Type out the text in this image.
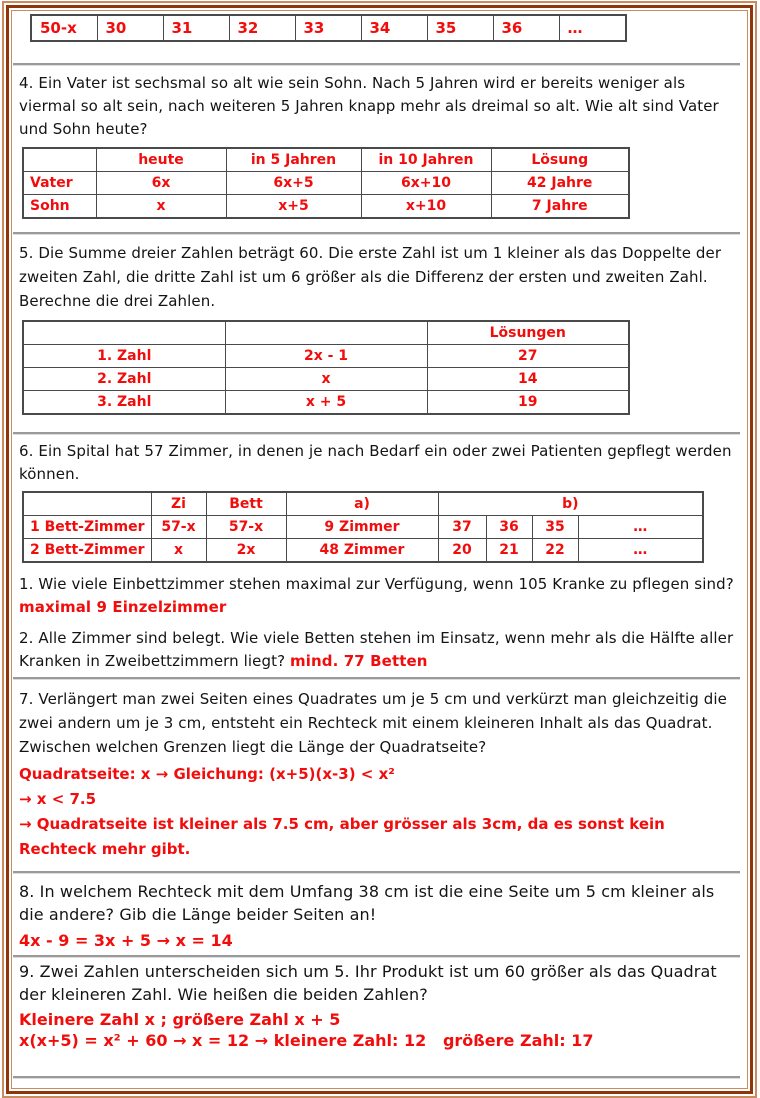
50-x	30	31	32	33	34	35	36	…

4. Ein Vater ist sechsmal so alt wie sein Sohn. Nach 5 Jahren wird er bereits weniger als viermal so alt sein, nach weiteren 5 Jahren knapp mehr als dreimal so alt. Wie alt sind Vater und Sohn heute?

	heute	in 5 Jahren	in 10 Jahren	Lösung
Vater	6x	6x+5	6x+10	42 Jahre
Sohn	x	x+5	x+10	7 Jahre

5. Die Summe dreier Zahlen beträgt 60. Die erste Zahl ist um 1 kleiner als das Doppelte der zweiten Zahl, die dritte Zahl ist um 6 größer als die Differenz der ersten und zweiten Zahl. Berechne die drei Zahlen.

		Lösungen
1. Zahl	2x - 1	27
2. Zahl	x	14
3. Zahl	x + 5	19

6. Ein Spital hat 57 Zimmer, in denen je nach Bedarf ein oder zwei Patienten gepflegt werden können.

	Zi	Bett	a)	b)			
1 Bett-Zimmer	57-x	57-x	9 Zimmer	37	36	35	…
2 Bett-Zimmer	x	2x	48 Zimmer	20	21	22	…

1. Wie viele Einbettzimmer stehen maximal zur Verfügung, wenn 105 Kranke zu pflegen sind?

maximal 9 Einzelzimmer

2. Alle Zimmer sind belegt. Wie viele Betten stehen im Einsatz, wenn mehr als die Hälfte aller Kranken in Zweibettzimmern liegt? mind. 77 Betten

7. Verlängert man zwei Seiten eines Quadrates um je 5 cm und verkürzt man gleichzeitig die zwei andern um je 3 cm, entsteht ein Rechteck mit einem kleineren Inhalt als das Quadrat. Zwischen welchen Grenzen liegt die Länge der Quadratseite?

Quadratseite: x → Gleichung: (x+5)(x-3) < x²

→ x < 7.5

→ Quadratseite ist kleiner als 7.5 cm, aber grösser als 3cm, da es sonst kein Rechteck mehr gibt.

8. In welchem Rechteck mit dem Umfang 38 cm ist die eine Seite um 5 cm kleiner als die andere? Gib die Länge beider Seiten an!

4x - 9 = 3x + 5 → x = 14

9. Zwei Zahlen unterscheiden sich um 5. Ihr Produkt ist um 60 größer als das Quadrat der kleineren Zahl. Wie heißen die beiden Zahlen?

Kleinere Zahl x ; größere Zahl x + 5

x(x+5) = x² + 60 → x = 12 → kleinere Zahl: 12   größere Zahl: 17
